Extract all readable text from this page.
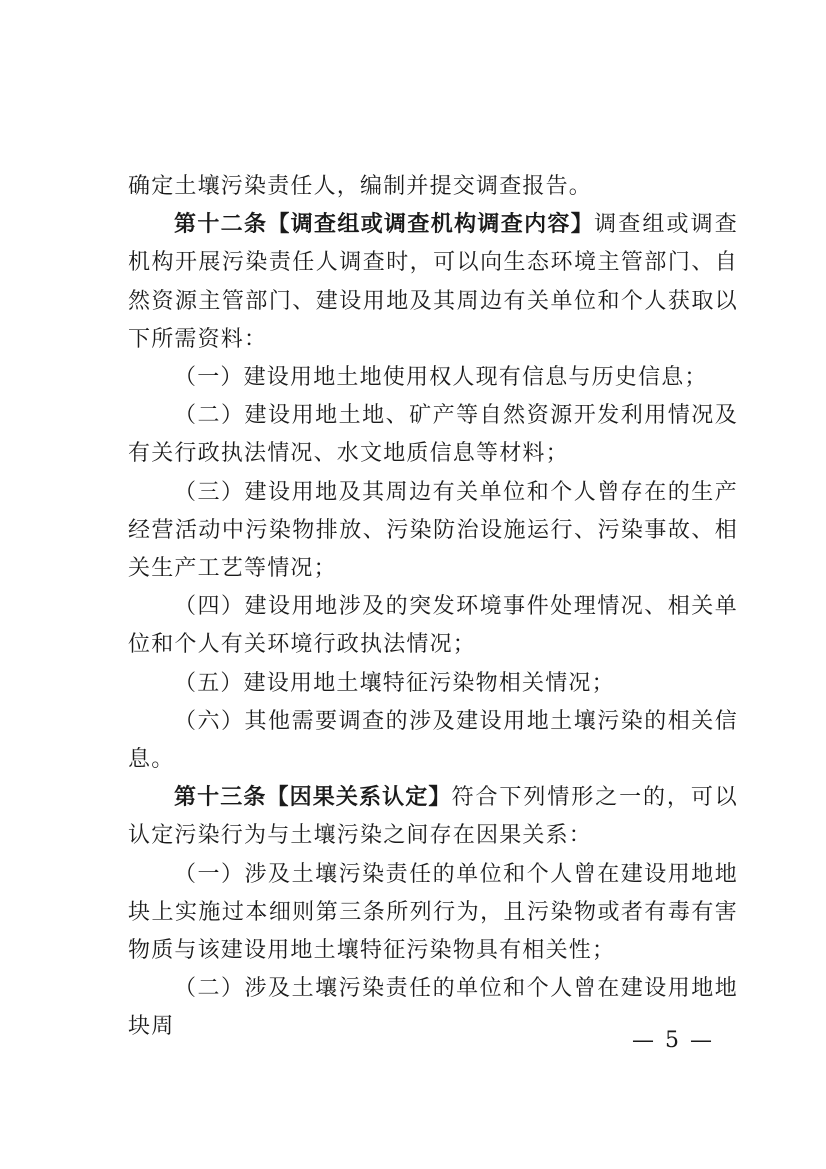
确定土壤污染责任人，编制并提交调查报告。

第十二条【调查组或调查机构调查内容】调查组或调查机构开展污染责任人调查时，可以向生态环境主管部门、自然资源主管部门、建设用地及其周边有关单位和个人获取以下所需资料：

（一）建设用地土地使用权人现有信息与历史信息；

（二）建设用地土地、矿产等自然资源开发利用情况及有关行政执法情况、水文地质信息等材料；

（三）建设用地及其周边有关单位和个人曾存在的生产经营活动中污染物排放、污染防治设施运行、污染事故、相关生产工艺等情况；

（四）建设用地涉及的突发环境事件处理情况、相关单位和个人有关环境行政执法情况；

（五）建设用地土壤特征污染物相关情况；

（六）其他需要调查的涉及建设用地土壤污染的相关信息。

第十三条【因果关系认定】符合下列情形之一的，可以认定污染行为与土壤污染之间存在因果关系：

（一）涉及土壤污染责任的单位和个人曾在建设用地地块上实施过本细则第三条所列行为，且污染物或者有毒有害物质与该建设用地土壤特征污染物具有相关性；

（二）涉及土壤污染责任的单位和个人曾在建设用地地块周

— 5 —
